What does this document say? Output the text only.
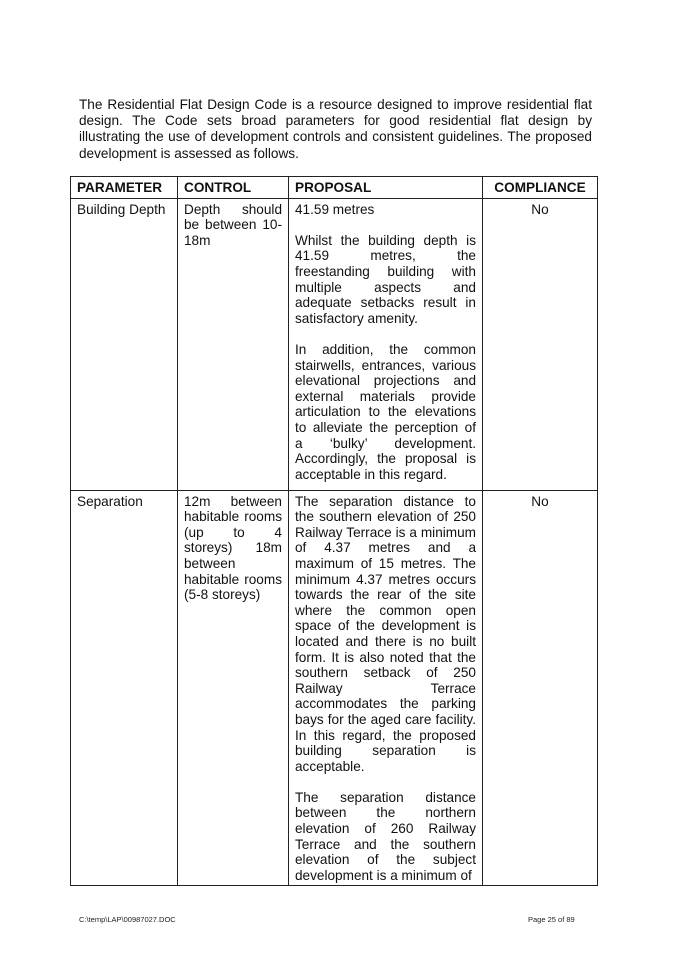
The Residential Flat Design Code is a resource designed to improve residential flat design. The Code sets broad parameters for good residential flat design by illustrating the use of development controls and consistent guidelines. The proposed development is assessed as follows.

PARAMETER	CONTROL	PROPOSAL	COMPLIANCE
Building Depth	Depth should be between 10-18m	41.59 metres

Whilst the building depth is 41.59 metres, the freestanding building with multiple aspects and adequate setbacks result in satisfactory amenity.

In addition, the common stairwells, entrances, various elevational projections and external materials provide articulation to the elevations to alleviate the perception of a ‘bulky’ development. Accordingly, the proposal is acceptable in this regard.	No
Separation	12m between habitable rooms (up to 4 storeys) 18m between habitable rooms (5-8 storeys)	The separation distance to the southern elevation of 250 Railway Terrace is a minimum of 4.37 metres and a maximum of 15 metres. The minimum 4.37 metres occurs towards the rear of the site where the common open space of the development is located and there is no built form. It is also noted that the southern setback of 250 Railway Terrace accommodates the parking bays for the aged care facility. In this regard, the proposed building separation is acceptable.

The separation distance between the northern elevation of 260 Railway Terrace and the southern elevation of the subject development is a minimum of	No
C:\temp\LAP\00987027.DOC	Page 25 of 89
